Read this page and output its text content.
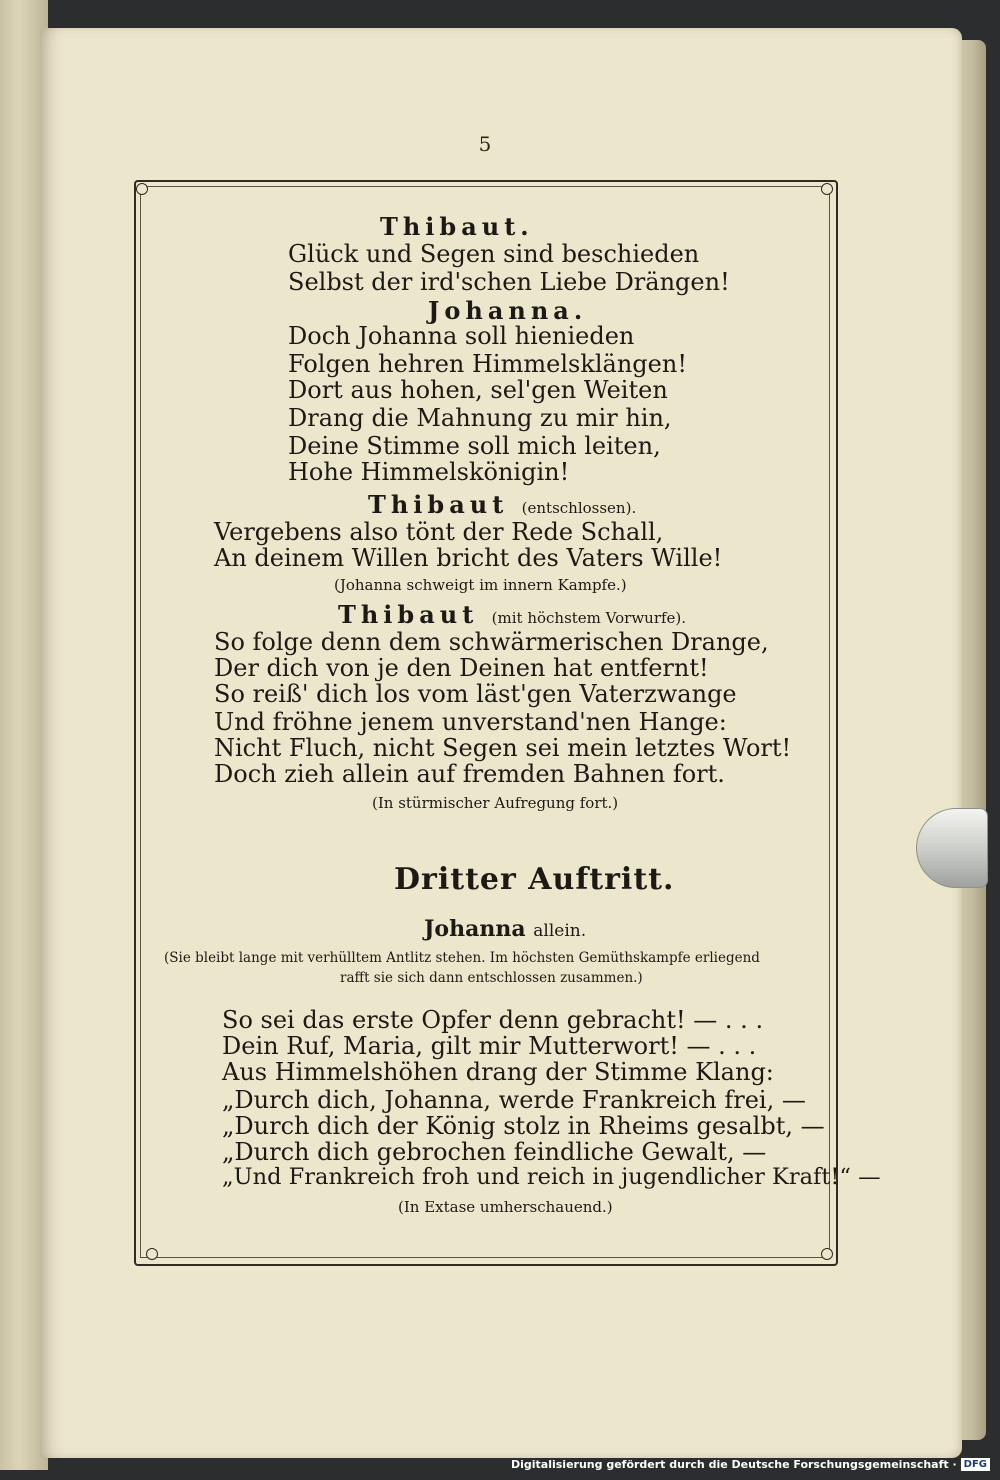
5
Thibaut.
Glück und Segen sind beschieden
Selbst der ird'schen Liebe Drängen!
Johanna.
Doch Johanna soll hienieden
Folgen hehren Himmelsklängen!
Dort aus hohen, sel'gen Weiten
Drang die Mahnung zu mir hin,
Deine Stimme soll mich leiten,
Hohe Himmelskönigin!
Thibaut (entschlossen).
Vergebens also tönt der Rede Schall,
An deinem Willen bricht des Vaters Wille!
(Johanna schweigt im innern Kampfe.)
Thibaut (mit höchstem Vorwurfe).
So folge denn dem schwärmerischen Drange,
Der dich von je den Deinen hat entfernt!
So reiß' dich los vom läst'gen Vaterzwange
Und fröhne jenem unverstand'nen Hange:
Nicht Fluch, nicht Segen sei mein letztes Wort!
Doch zieh allein auf fremden Bahnen fort.
(In stürmischer Aufregung fort.)
Dritter Auftritt.
Johanna allein.
(Sie bleibt lange mit verhülltem Antlitz stehen. Im höchsten Gemüthskampfe erliegend
rafft sie sich dann entschlossen zusammen.)
So sei das erste Opfer denn gebracht! — . . .
Dein Ruf, Maria, gilt mir Mutterwort! — . . .
Aus Himmelshöhen drang der Stimme Klang:
„Durch dich, Johanna, werde Frankreich frei, —
„Durch dich der König stolz in Rheims gesalbt, —
„Durch dich gebrochen feindliche Gewalt, —
„Und Frankreich froh und reich in jugendlicher Kraft!“ —
(In Extase umherschauend.)
Digitalisierung gefördert durch die Deutsche Forschungsgemeinschaft · DFG
